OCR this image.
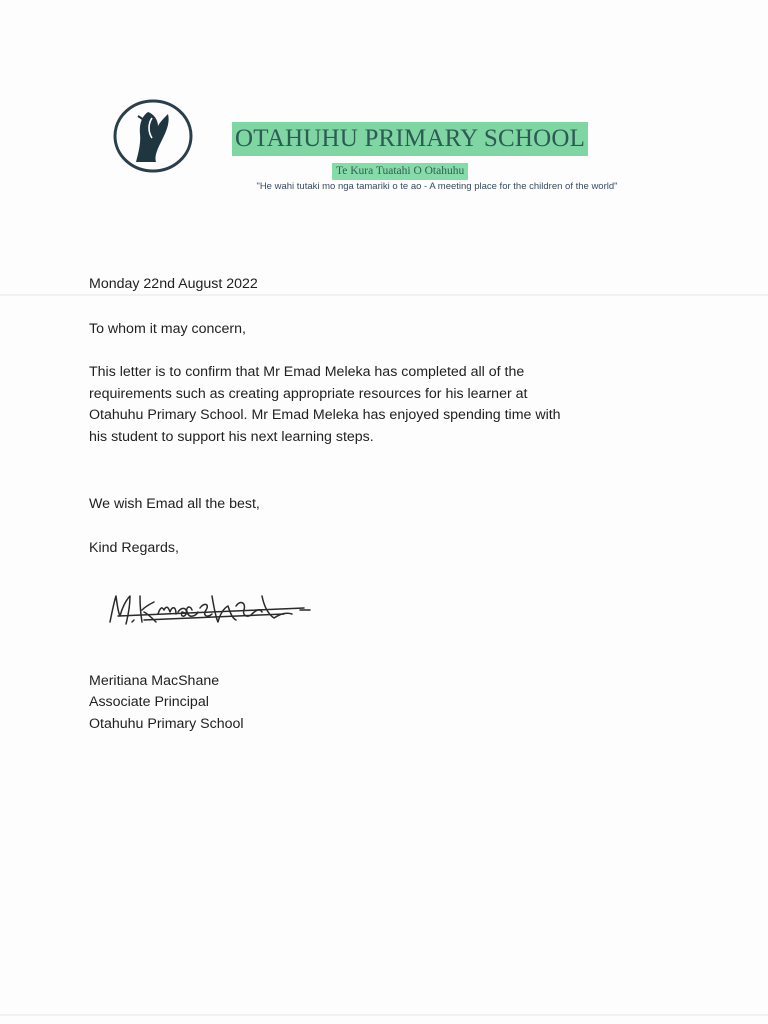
OTAHUHU PRIMARY SCHOOL
Te Kura Tuatahi O Otahuhu
"He wahi tutaki mo nga tamariki o te ao - A meeting place for the children of the world"
Monday 22nd August 2022
To whom it may concern,
This letter is to confirm that Mr Emad Meleka has completed all of the
requirements such as creating appropriate resources for his learner at
Otahuhu Primary School. Mr Emad Meleka has enjoyed spending time with
his student to support his next learning steps.
We wish Emad all the best,
Kind Regards,
Meritiana MacShane
Associate Principal
Otahuhu Primary School
